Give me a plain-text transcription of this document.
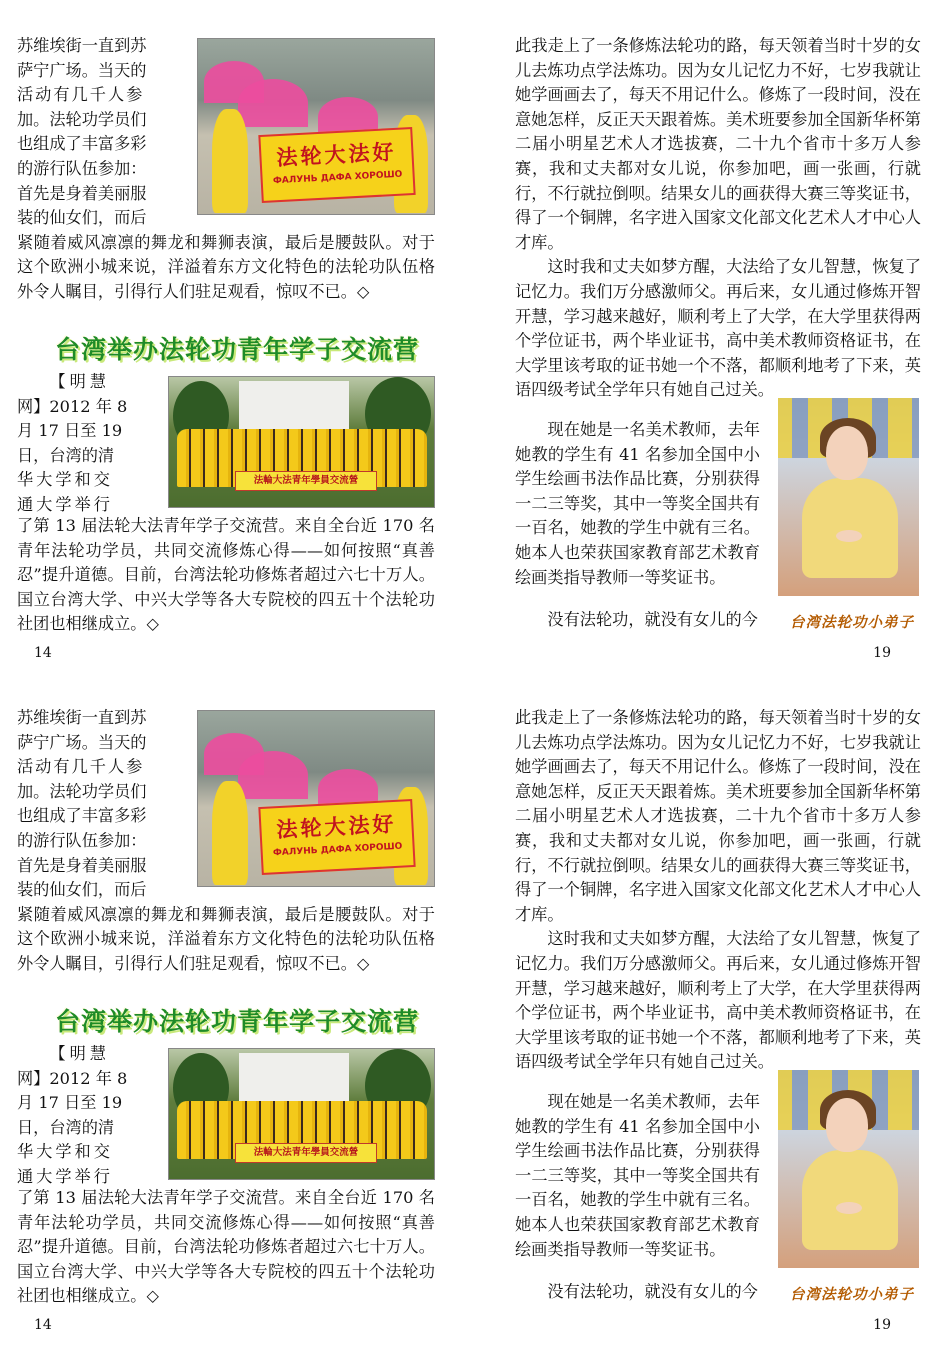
法轮大法好
ФАЛУНЬ ДАФА ХОРОШО

苏维埃街一直到苏

萨宁广场。当天的

活动有几千人参

加。法轮功学员们

也组成了丰富多彩

的游行队伍参加：

首先是身着美丽服

装的仙女们，而后

紧随着威风凛凛的舞龙和舞狮表演，最后是腰鼓队。对于这个欧洲小城来说，洋溢着东方文化特色的法轮功队伍格外令人瞩目，引得行人们驻足观看，惊叹不已。◇

台湾举办法轮功青年学子交流营

【明慧

网】2012 年 8

月 17 日至 19

日，台湾的清

华大学和交

通大学举行

法輪大法青年學員交流營

了第 13 届法轮大法青年学子交流营。来自全台近 170 名青年法轮功学员，共同交流修炼心得——如何按照“真善忍”提升道德。目前，台湾法轮功修炼者超过六七十万人。国立台湾大学、中兴大学等各大专院校的四五十个法轮功社团也相继成立。◇

14

此我走上了一条修炼法轮功的路，每天领着当时十岁的女儿去炼功点学法炼功。因为女儿记忆力不好，七岁我就让她学画画去了，每天不用记什么。修炼了一段时间，没在意她怎样，反正天天跟着炼。美术班要参加全国新华杯第二届小明星艺术人才选拔赛，二十九个省市十多万人参赛，我和丈夫都对女儿说，你参加吧，画一张画，行就行，不行就拉倒呗。结果女儿的画获得大赛三等奖证书，得了一个铜牌，名字进入国家文化部文化艺术人才中心人才库。

这时我和丈夫如梦方醒，大法给了女儿智慧，恢复了记忆力。我们万分感激师父。再后来，女儿通过修炼开智开慧，学习越来越好，顺利考上了大学，在大学里获得两个学位证书，两个毕业证书，高中美术教师资格证书，在大学里该考取的证书她一个不落，都顺利地考了下来，英语四级考试全学年只有她自己过关。

现在她是一名美术教师，去年她教的学生有 41 名参加全国中小学生绘画书法作品比赛，分别获得一二三等奖，其中一等奖全国共有一百名，她教的学生中就有三名。她本人也荣获国家教育部艺术教育绘画类指导教师一等奖证书。

没有法轮功，就没有女儿的今	台湾法轮功小弟子
19
法轮大法好
ФАЛУНЬ ДАФА ХОРОШО

苏维埃街一直到苏

萨宁广场。当天的

活动有几千人参

加。法轮功学员们

也组成了丰富多彩

的游行队伍参加：

首先是身着美丽服

装的仙女们，而后

紧随着威风凛凛的舞龙和舞狮表演，最后是腰鼓队。对于这个欧洲小城来说，洋溢着东方文化特色的法轮功队伍格外令人瞩目，引得行人们驻足观看，惊叹不已。◇

台湾举办法轮功青年学子交流营

【明慧

网】2012 年 8

月 17 日至 19

日，台湾的清

华大学和交

通大学举行

法輪大法青年學員交流營

了第 13 届法轮大法青年学子交流营。来自全台近 170 名青年法轮功学员，共同交流修炼心得——如何按照“真善忍”提升道德。目前，台湾法轮功修炼者超过六七十万人。国立台湾大学、中兴大学等各大专院校的四五十个法轮功社团也相继成立。◇

14

此我走上了一条修炼法轮功的路，每天领着当时十岁的女儿去炼功点学法炼功。因为女儿记忆力不好，七岁我就让她学画画去了，每天不用记什么。修炼了一段时间，没在意她怎样，反正天天跟着炼。美术班要参加全国新华杯第二届小明星艺术人才选拔赛，二十九个省市十多万人参赛，我和丈夫都对女儿说，你参加吧，画一张画，行就行，不行就拉倒呗。结果女儿的画获得大赛三等奖证书，得了一个铜牌，名字进入国家文化部文化艺术人才中心人才库。

这时我和丈夫如梦方醒，大法给了女儿智慧，恢复了记忆力。我们万分感激师父。再后来，女儿通过修炼开智开慧，学习越来越好，顺利考上了大学，在大学里获得两个学位证书，两个毕业证书，高中美术教师资格证书，在大学里该考取的证书她一个不落，都顺利地考了下来，英语四级考试全学年只有她自己过关。

现在她是一名美术教师，去年她教的学生有 41 名参加全国中小学生绘画书法作品比赛，分别获得一二三等奖，其中一等奖全国共有一百名，她教的学生中就有三名。她本人也荣获国家教育部艺术教育绘画类指导教师一等奖证书。

没有法轮功，就没有女儿的今	台湾法轮功小弟子
19
